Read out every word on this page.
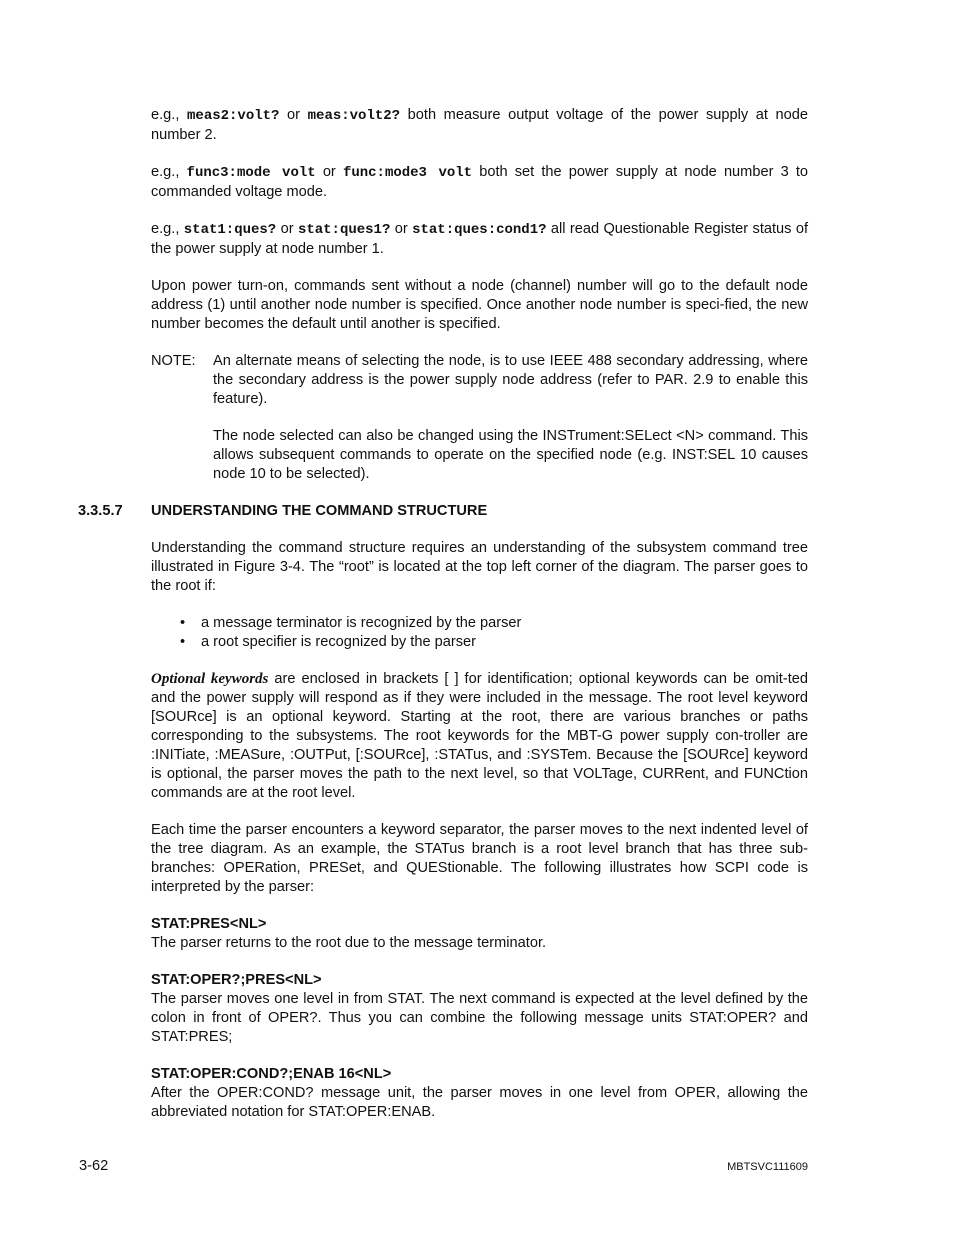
e.g., meas2:volt? or meas:volt2? both measure output voltage of the power supply at node number 2.

e.g., func3:mode volt or func:mode3 volt both set the power supply at node number 3 to commanded voltage mode.

e.g., stat1:ques? or stat:ques1? or stat:ques:cond1? all read Questionable Register status of the power supply at node number 1.

Upon power turn-on, commands sent without a node (channel) number will go to the default node address (1) until another node number is specified. Once another node number is speci-fied, the new number becomes the default until another is specified.

NOTE:	An alternate means of selecting the node, is to use IEEE 488 secondary addressing, where the secondary address is the power supply node address (refer to PAR. 2.9 to enable this feature).

The node selected can also be changed using the INSTrument:SELect <N> command. This allows subsequent commands to operate on the specified node (e.g. INST:SEL 10 causes node 10 to be selected).

3.3.5.7 UNDERSTANDING THE COMMAND STRUCTURE

Understanding the command structure requires an understanding of the subsystem command tree illustrated in Figure 3-4. The “root” is located at the top left corner of the diagram. The parser goes to the root if:

• a message terminator is recognized by the parser
• a root specifier is recognized by the parser

Optional keywords are enclosed in brackets [ ] for identification; optional keywords can be omit-ted and the power supply will respond as if they were included in the message. The root level keyword [SOURce] is an optional keyword. Starting at the root, there are various branches or paths corresponding to the subsystems. The root keywords for the MBT-G power supply con-troller are :INITiate, :MEASure, :OUTPut, [:SOURce], :STATus, and :SYSTem. Because the [SOURce] keyword is optional, the parser moves the path to the next level, so that VOLTage, CURRent, and FUNCtion commands are at the root level.

Each time the parser encounters a keyword separator, the parser moves to the next indented level of the tree diagram. As an example, the STATus branch is a root level branch that has three sub-branches: OPERation, PRESet, and QUEStionable. The following illustrates how SCPI code is interpreted by the parser:

STAT:PRES<NL>

The parser returns to the root due to the message terminator.

STAT:OPER?;PRES<NL>

The parser moves one level in from STAT. The next command is expected at the level defined by the colon in front of OPER?. Thus you can combine the following message units STAT:OPER? and STAT:PRES;

STAT:OPER:COND?;ENAB 16<NL>

After the OPER:COND? message unit, the parser moves in one level from OPER, allowing the abbreviated notation for STAT:OPER:ENAB.

3-62	MBTSVC111609
